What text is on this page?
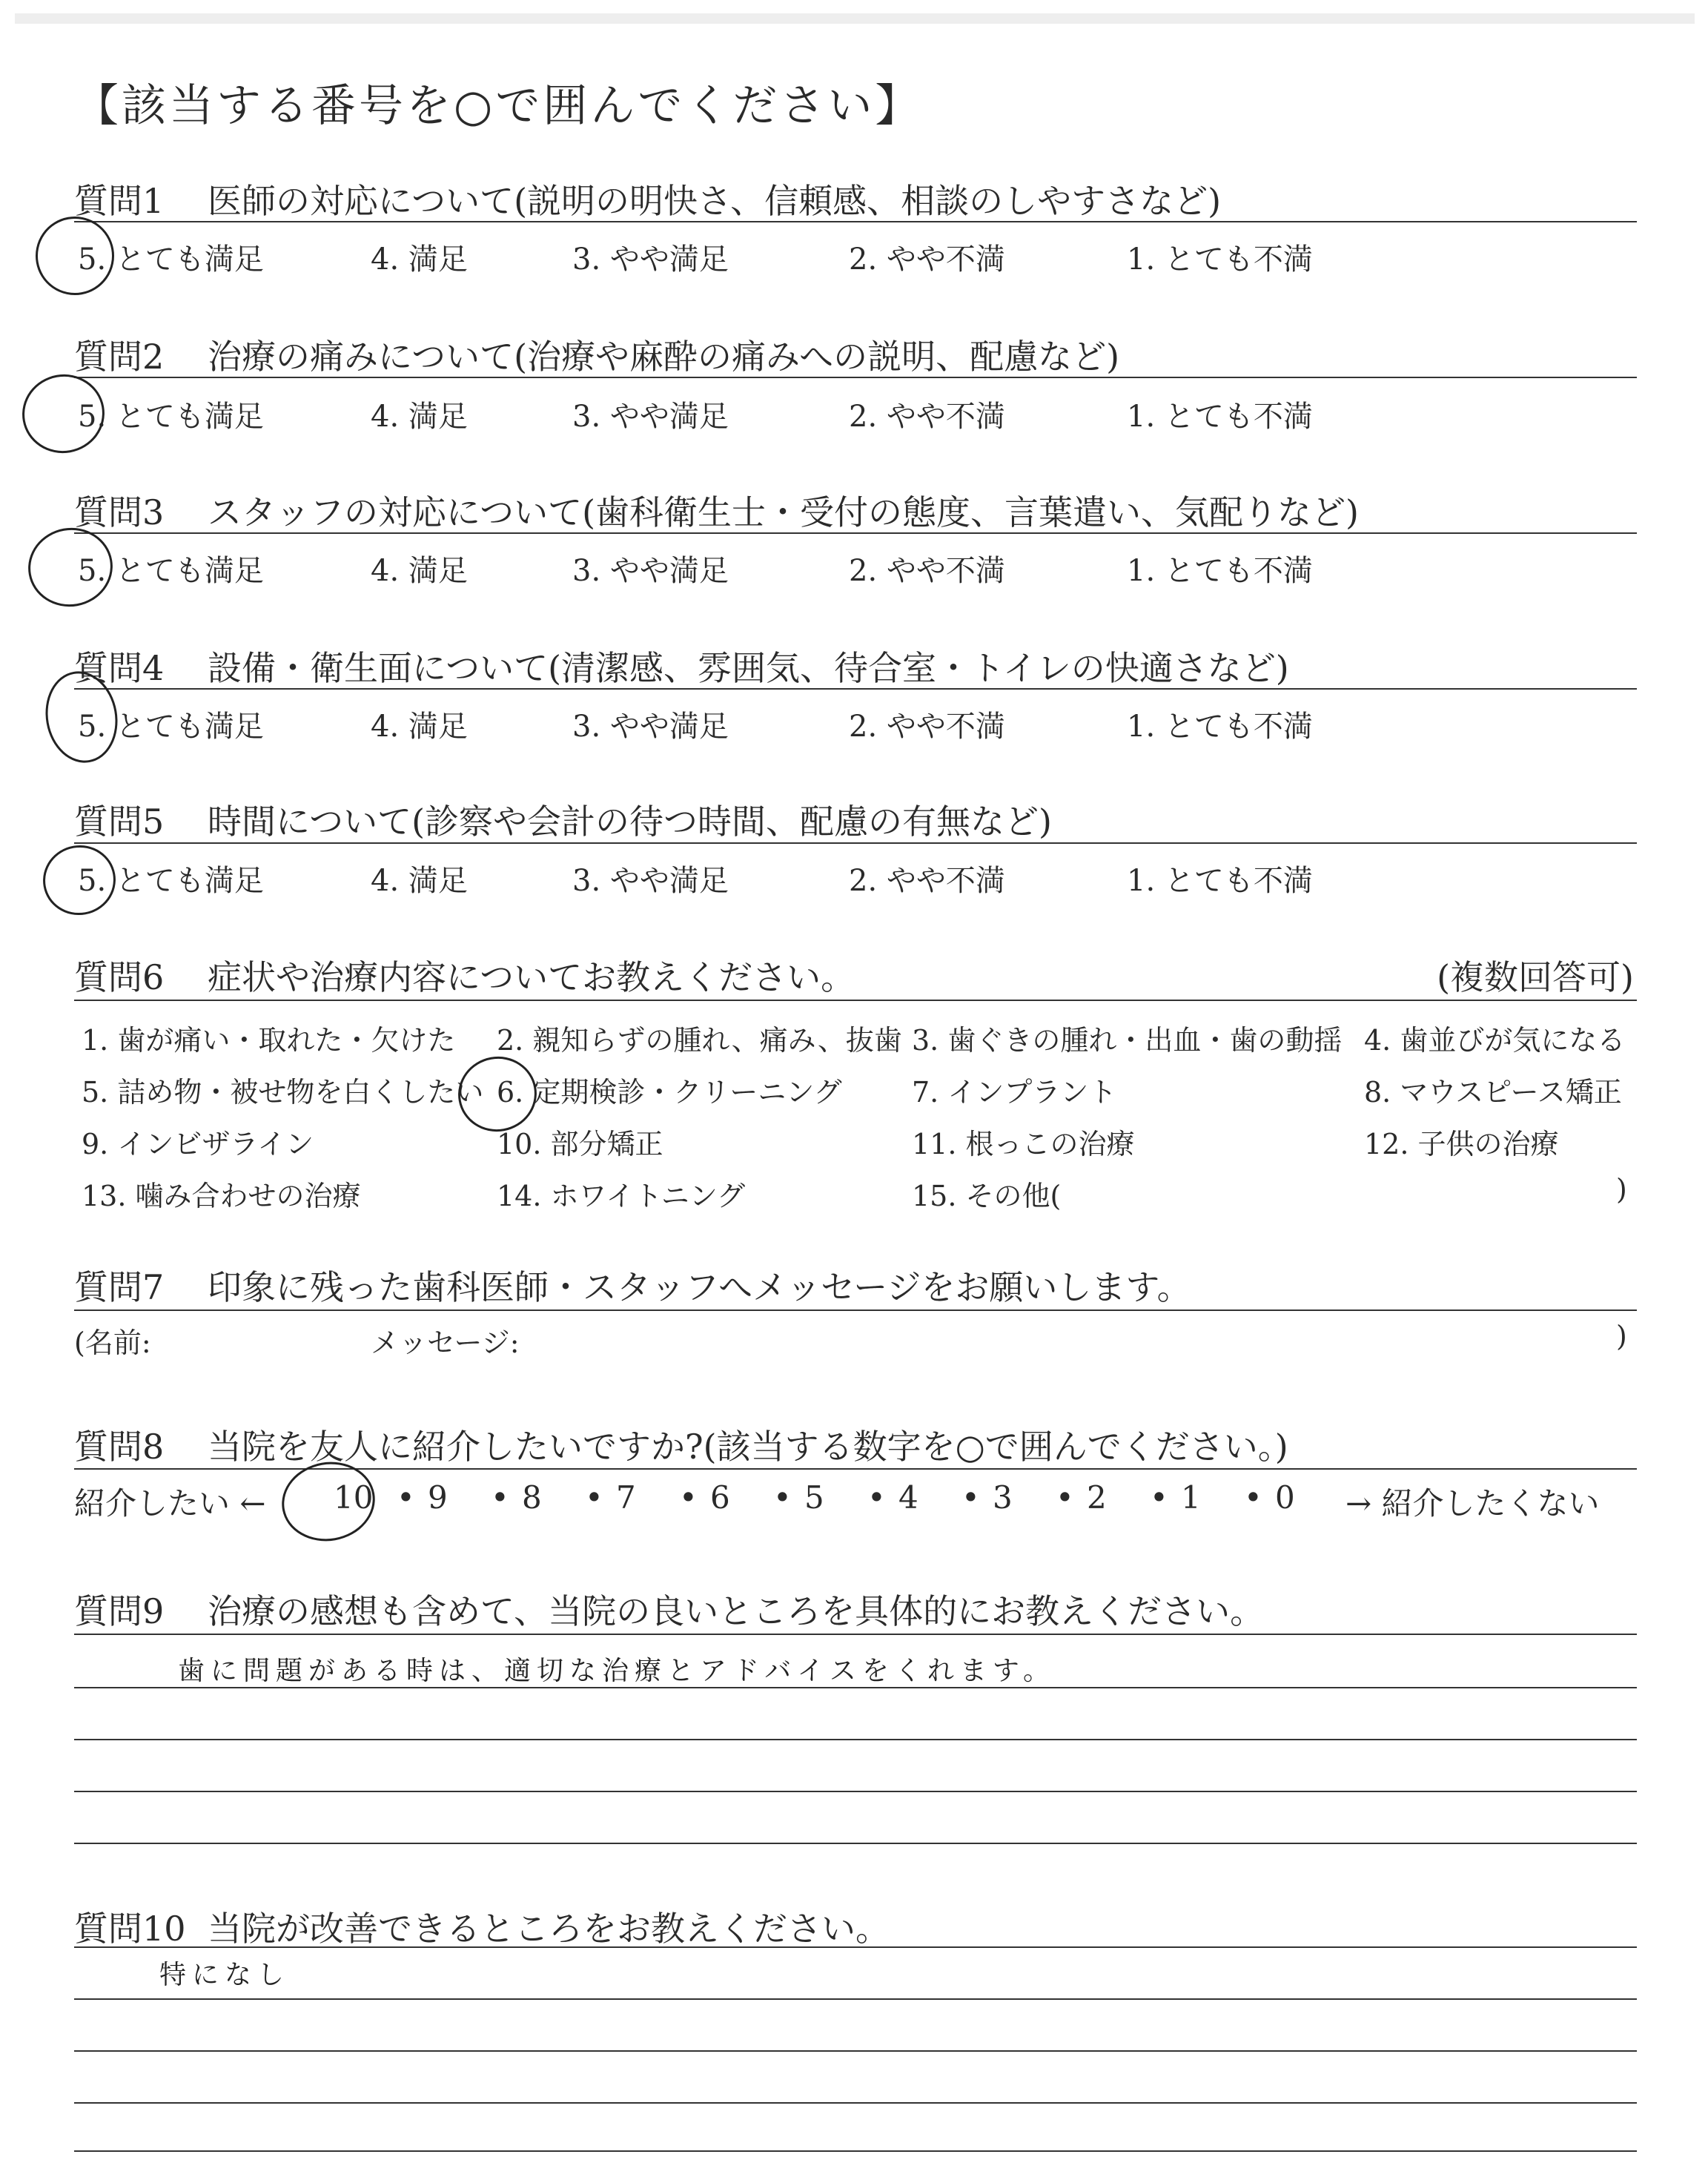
【該当する番号を○で囲んでください】
質問1 医師の対応について(説明の明快さ、信頼感、相談のしやすさなど)
5. とても満足	4. 満足	3. やや満足	2. やや不満	1. とても不満
質問2 治療の痛みについて(治療や麻酔の痛みへの説明、配慮など)
5. とても満足	4. 満足	3. やや満足	2. やや不満	1. とても不満
質問3 スタッフの対応について(歯科衛生士・受付の態度、言葉遣い、気配りなど)
5. とても満足	4. 満足	3. やや満足	2. やや不満	1. とても不満
質問4 設備・衛生面について(清潔感、雰囲気、待合室・トイレの快適さなど)
5. とても満足	4. 満足	3. やや満足	2. やや不満	1. とても不満
質問5 時間について(診察や会計の待つ時間、配慮の有無など)
5. とても満足	4. 満足	3. やや満足	2. やや不満	1. とても不満
質問6 症状や治療内容についてお教えください。	(複数回答可)
1. 歯が痛い・取れた・欠けた 2. 親知らずの腫れ、痛み、抜歯 3. 歯ぐきの腫れ・出血・歯の動揺 4. 歯並びが気になる
5. 詰め物・被せ物を白くしたい 6. 定期検診・クリーニング 7. インプラント	8. マウスピース矯正
9. インビザライン	10. 部分矯正	11. 根っこの治療	12. 子供の治療
13. 噛み合わせの治療	14. ホワイトニング	15. その他(	)
質問7 印象に残った歯科医師・スタッフへメッセージをお願いします。
(名前:	メッセージ:	)
質問8 当院を友人に紹介したいですか?(該当する数字を○で囲んでください。)
紹介したい ←	→ 紹介したくない
10 • 9 • 8 • 7 • 6 • 5 • 4 • 3 • 2 • 1 • 0
質問9 治療の感想も含めて、当院の良いところを具体的にお教えください。
歯に問題がある時は、適切な治療とアドバイスをくれます。
質問10 当院が改善できるところをお教えください。
特になし
